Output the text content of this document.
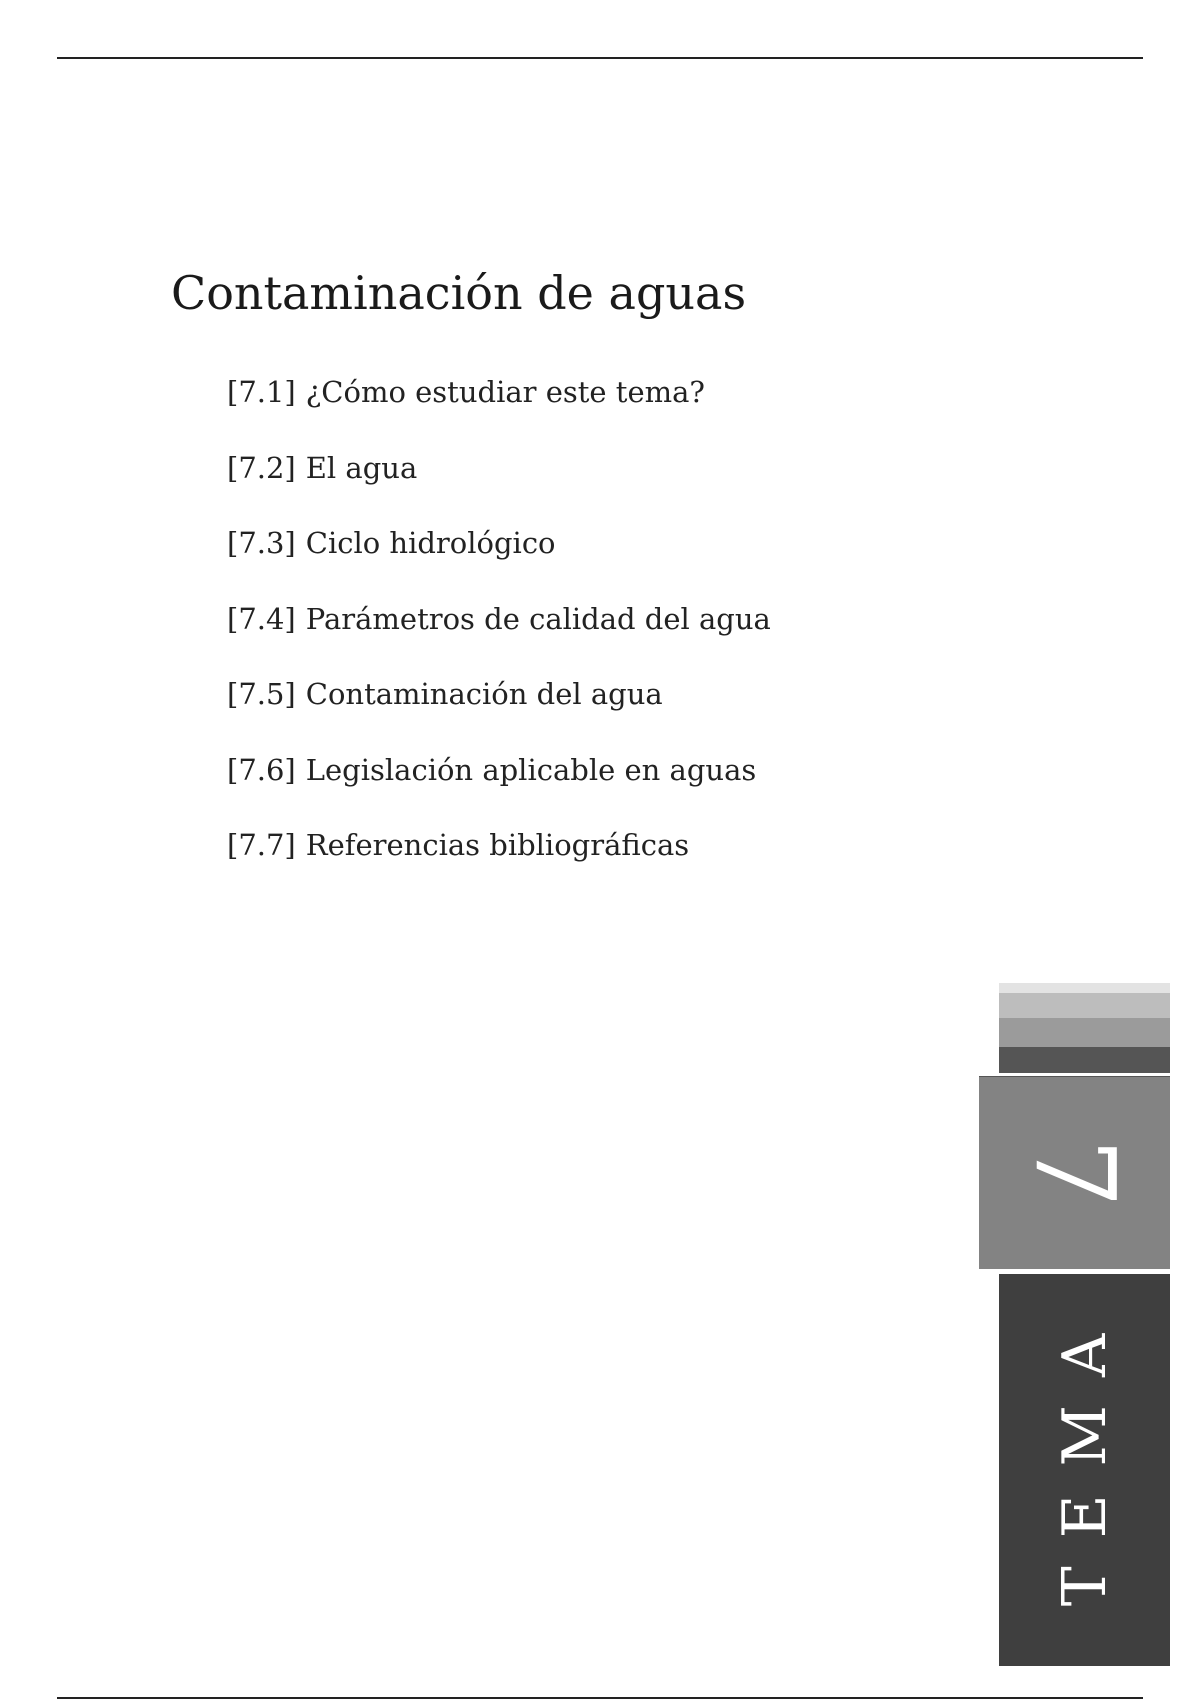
Contaminación de aguas
[7.1] ¿Cómo estudiar este tema?
[7.2] El agua
[7.3] Ciclo hidrológico
[7.4] Parámetros de calidad del agua
[7.5] Contaminación del agua
[7.6] Legislación aplicable en aguas
[7.7] Referencias bibliográficas
7
TEMA
